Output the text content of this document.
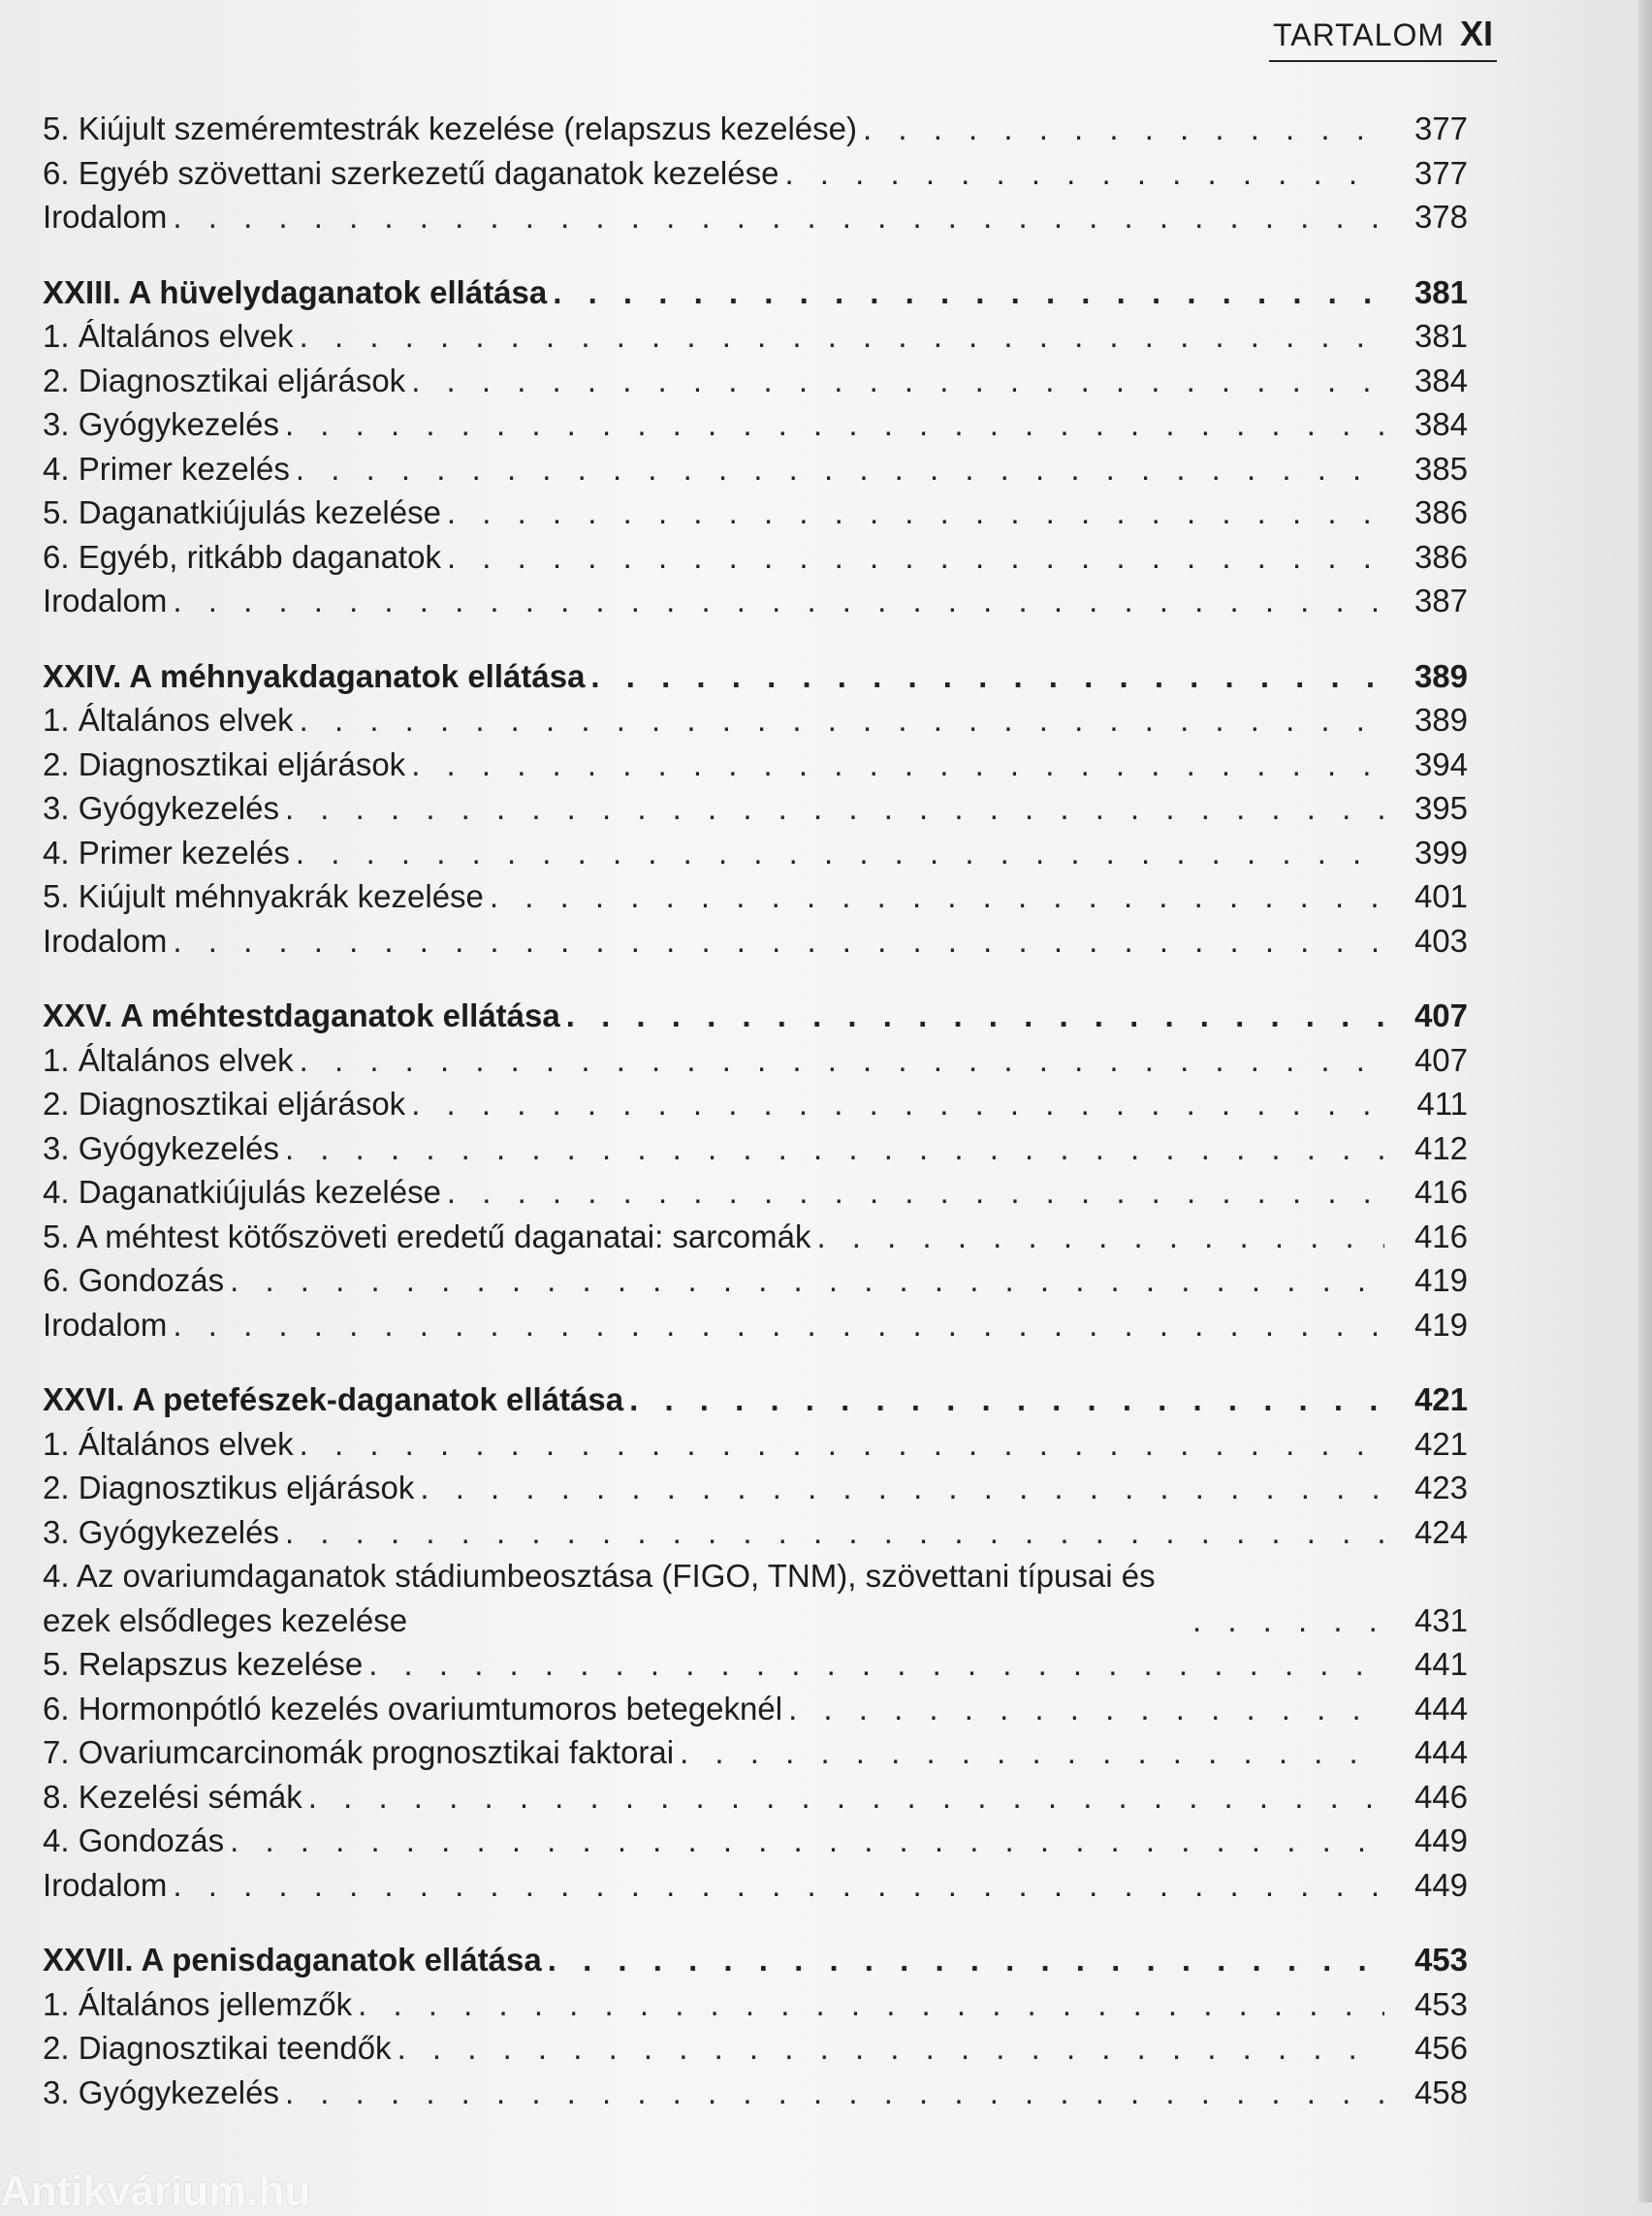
TARTALOM XI
5. Kiújult szeméremtestrák kezelése (relapszus kezelése) . . .	377
6. Egyéb szövettani szerkezetű daganatok kezelése . . .	377
Irodalom . . .	378
XXIII. A hüvelydaganatok ellátása . . .	381
1. Általános elvek . . .	381
2. Diagnosztikai eljárások . . .	384
3. Gyógykezelés . . .	384
4. Primer kezelés . . .	385
5. Daganatkiújulás kezelése . . .	386
6. Egyéb, ritkább daganatok . . .	386
Irodalom . . .	387
XXIV. A méhnyakdaganatok ellátása . . .	389
1. Általános elvek . . .	389
2. Diagnosztikai eljárások . . .	394
3. Gyógykezelés . . .	395
4. Primer kezelés . . .	399
5. Kiújult méhnyakrák kezelése . . .	401
Irodalom . . .	403
XXV. A méhtestdaganatok ellátása . . .	407
1. Általános elvek . . .	407
2. Diagnosztikai eljárások . . .	411
3. Gyógykezelés . . .	412
4. Daganatkiújulás kezelése . . .	416
5. A méhtest kötőszöveti eredetű daganatai: sarcomák . . .	416
6. Gondozás . . .	419
Irodalom . . .	419
XXVI. A petefészek-daganatok ellátása . . .	421
1. Általános elvek . . .	421
2. Diagnosztikus eljárások . . .	423
3. Gyógykezelés . . .	424
4. Az ovariumdaganatok stádiumbeosztása (FIGO, TNM), szövettani típusai és ezek elsődleges kezelése . . .	431
5. Relapszus kezelése . . .	441
6. Hormonpótló kezelés ovariumtumoros betegeknél . . .	444
7. Ovariumcarcinomák prognosztikai faktorai . . .	444
8. Kezelési sémák . . .	446
4. Gondozás . . .	449
Irodalom . . .	449
XXVII. A penisdaganatok ellátása . . .	453
1. Általános jellemzők . . .	453
2. Diagnosztikai teendők . . .	456
3. Gyógykezelés . . .	458
Antikvárium.hu
